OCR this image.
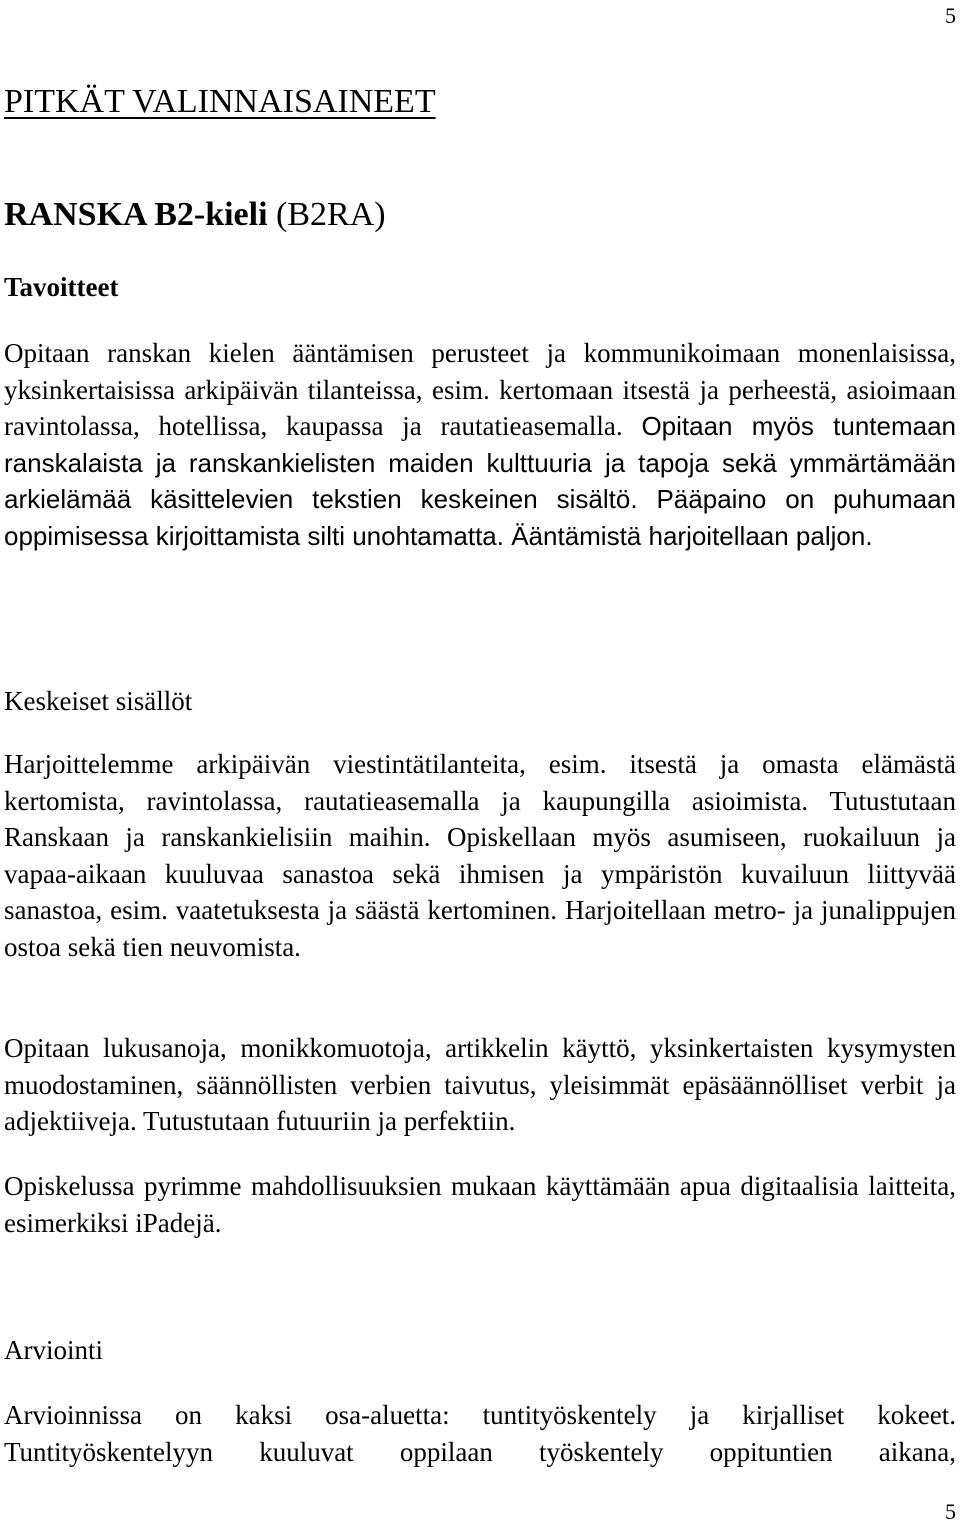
5
PITKÄT VALINNAISAINEET
RANSKA B2-kieli (B2RA)
Tavoitteet

Opitaan ranskan kielen ääntämisen perusteet ja kommunikoimaan monenlaisissa, yksinkertaisissa arkipäivän tilanteissa, esim. kertomaan itsestä ja perheestä, asioimaan ravintolassa, hotellissa, kaupassa ja rautatieasemalla. Opitaan myös tuntemaan ranskalaista ja ranskankielisten maiden kulttuuria ja tapoja sekä ymmärtämään arkielämää käsittelevien tekstien keskeinen sisältö. Pääpaino on puhumaan oppimisessa kirjoittamista silti unohtamatta. Ääntämistä harjoitellaan paljon.

Keskeiset sisällöt

Harjoittelemme arkipäivän viestintätilanteita, esim. itsestä ja omasta elämästä kertomista, ravintolassa, rautatieasemalla ja kaupungilla asioimista. Tutustutaan Ranskaan ja ranskankielisiin maihin. Opiskellaan myös asumiseen, ruokailuun ja vapaa-aikaan kuuluvaa sanastoa sekä ihmisen ja ympäristön kuvailuun liittyvää sanastoa, esim. vaatetuksesta ja säästä kertominen. Harjoitellaan metro- ja junalippujen ostoa sekä tien neuvomista.

Opitaan lukusanoja, monikkomuotoja, artikkelin käyttö, yksinkertaisten kysymysten muodostaminen, säännöllisten verbien taivutus, yleisimmät epäsäännölliset verbit ja adjektiiveja. Tutustutaan futuuriin ja perfektiin.

Opiskelussa pyrimme mahdollisuuksien mukaan käyttämään apua digitaalisia laitteita, esimerkiksi iPadejä.

Arviointi

Arvioinnissa on kaksi osa-aluetta: tuntityöskentely ja kirjalliset kokeet. Tuntityöskentelyyn kuuluvat oppilaan työskentely oppituntien aikana,

5
